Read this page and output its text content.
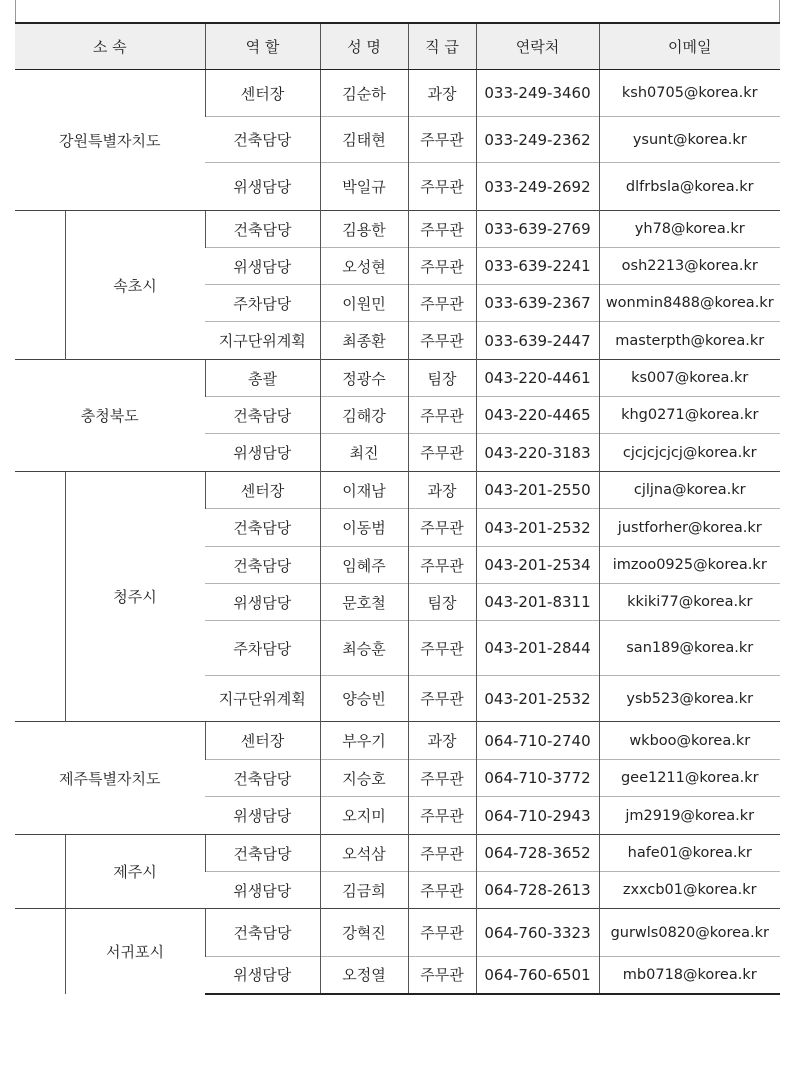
소 속		역 할	성 명	직 급	연락처	이메일
강원특별자치도		센터장	김순하	과장	033-249-3460	ksh0705@korea.kr
		건축담당	김태현	주무관	033-249-2362	ysunt@korea.kr
		위생담당	박일규	주무관	033-249-2692	dlfrbsla@korea.kr
	속초시	건축담당	김용한	주무관	033-639-2769	yh78@korea.kr
		위생담당	오성현	주무관	033-639-2241	osh2213@korea.kr
		주차담당	이원민	주무관	033-639-2367	wonmin8488@korea.kr
		지구단위계획	최종환	주무관	033-639-2447	masterpth@korea.kr
충청북도		총괄	정광수	팀장	043-220-4461	ks007@korea.kr
		건축담당	김해강	주무관	043-220-4465	khg0271@korea.kr
		위생담당	최진	주무관	043-220-3183	cjcjcjcjcj@korea.kr
	청주시	센터장	이재남	과장	043-201-2550	cjljna@korea.kr
		건축담당	이동범	주무관	043-201-2532	justforher@korea.kr
		건축담당	임혜주	주무관	043-201-2534	imzoo0925@korea.kr
		위생담당	문호철	팀장	043-201-8311	kkiki77@korea.kr
		주차담당	최승훈	주무관	043-201-2844	san189@korea.kr
		지구단위계획	양승빈	주무관	043-201-2532	ysb523@korea.kr
제주특별자치도		센터장	부우기	과장	064-710-2740	wkboo@korea.kr
		건축담당	지승호	주무관	064-710-3772	gee1211@korea.kr
		위생담당	오지미	주무관	064-710-2943	jm2919@korea.kr
	제주시	건축담당	오석삼	주무관	064-728-3652	hafe01@korea.kr
		위생담당	김금희	주무관	064-728-2613	zxxcb01@korea.kr
	서귀포시	건축담당	강혁진	주무관	064-760-3323	gurwls0820@korea.kr
		위생담당	오정열	주무관	064-760-6501	mb0718@korea.kr
